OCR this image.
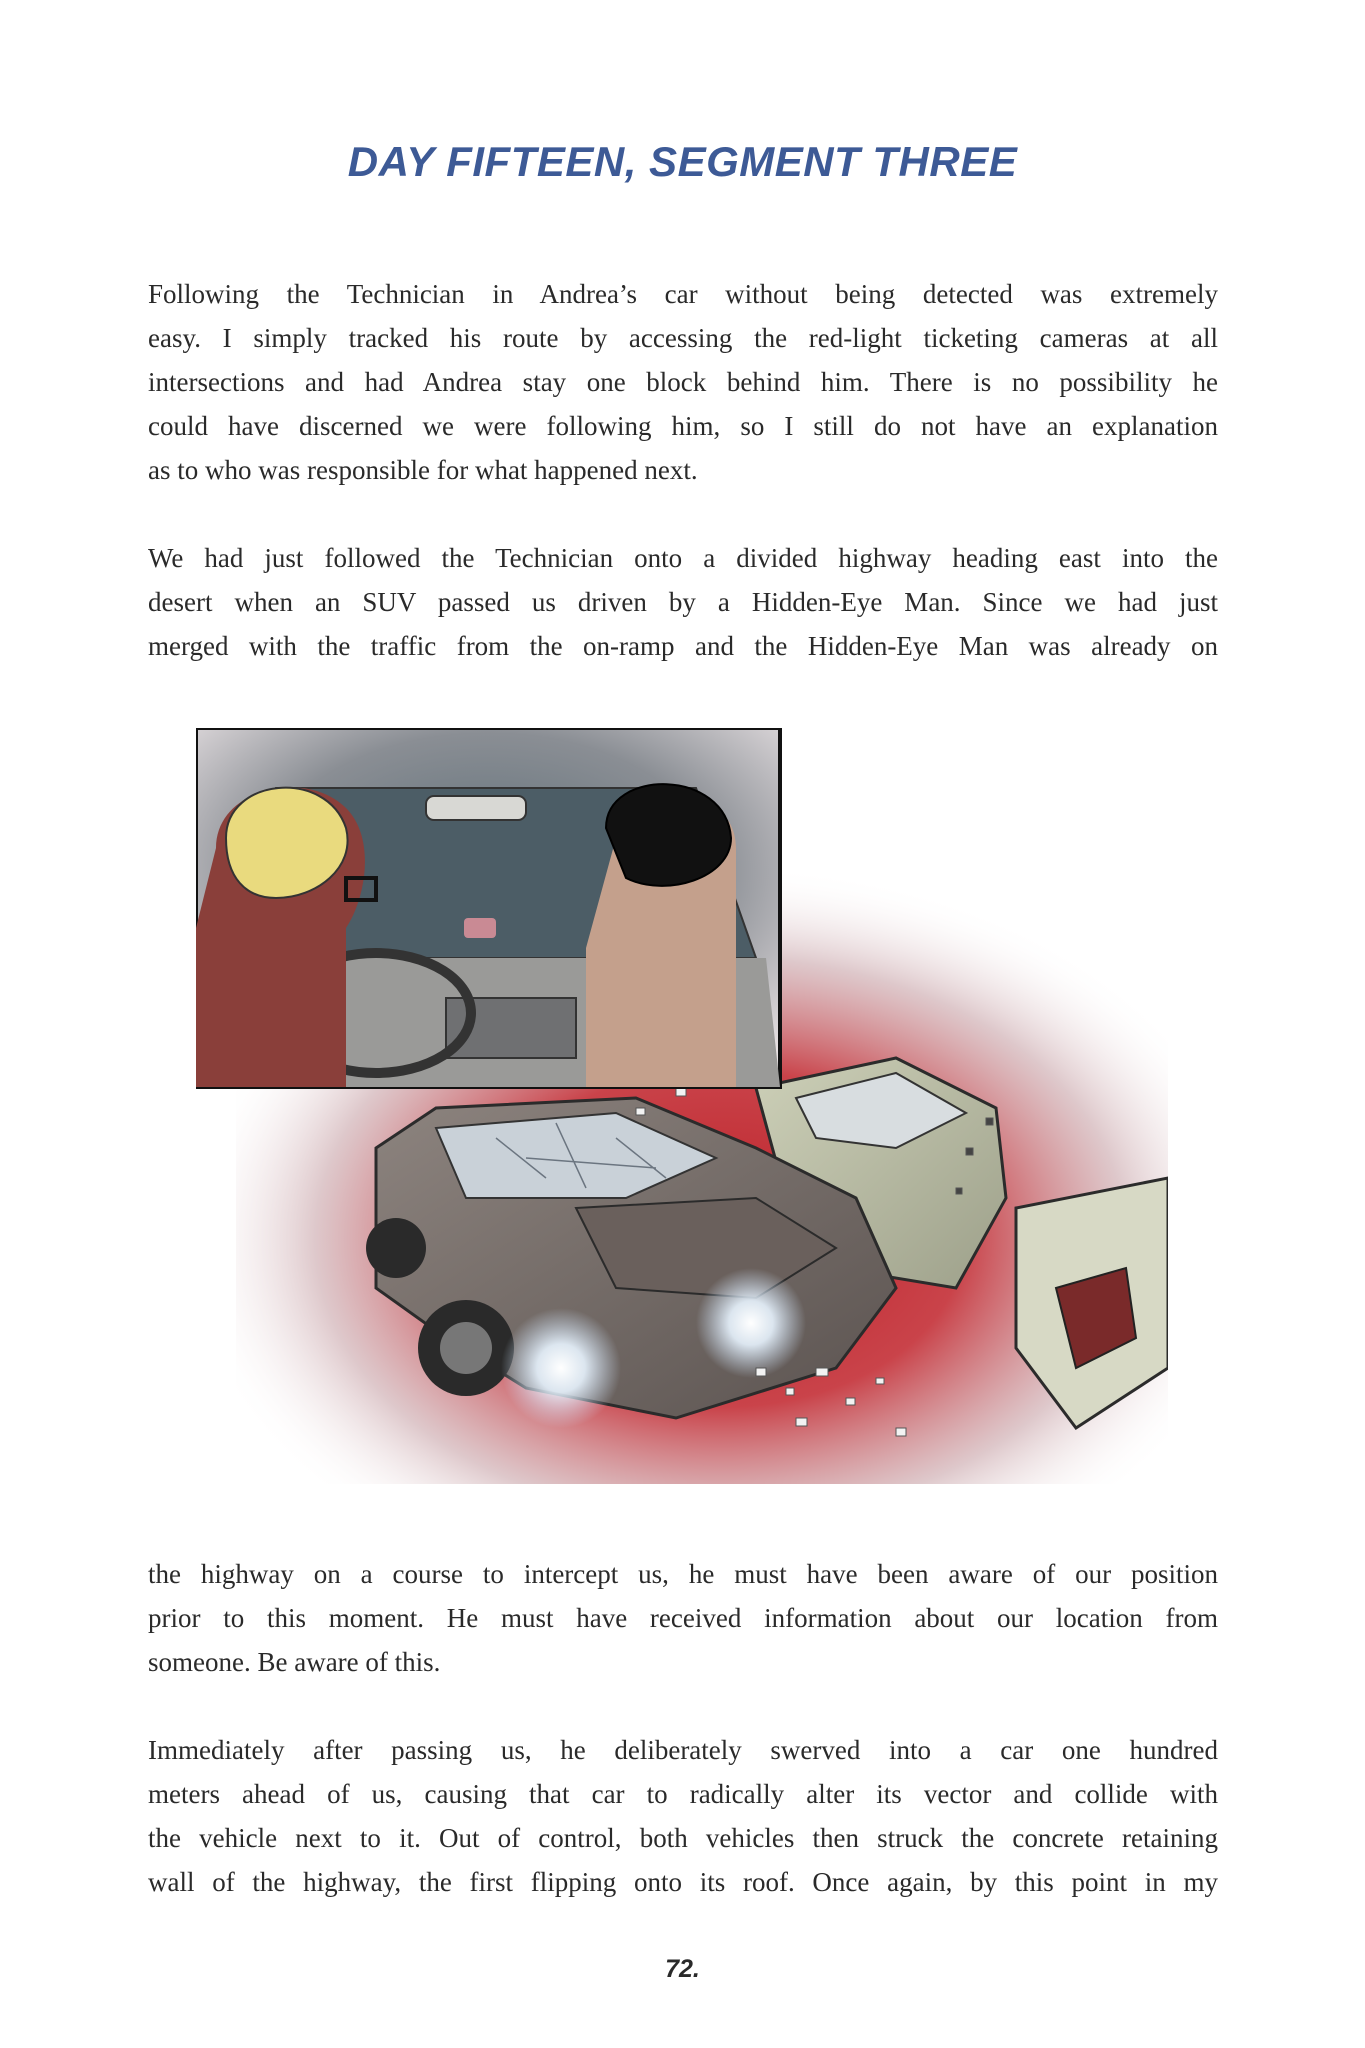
DAY FIFTEEN, SEGMENT THREE

Following the Technician in Andrea’s car without being detected was extremely
easy. I simply tracked his route by accessing the red-light ticketing cameras at all
intersections and had Andrea stay one block behind him. There is no possibility he
could have discerned we were following him, so I still do not have an explanation
as to who was responsible for what happened next.

We had just followed the Technician onto a divided highway heading east into the
desert when an SUV passed us driven by a Hidden-Eye Man. Since we had just
merged with the traffic from the on-ramp and the Hidden-Eye Man was already on

the highway on a course to intercept us, he must have been aware of our position
prior to this moment. He must have received information about our location from
someone. Be aware of this.

Immediately after passing us, he deliberately swerved into a car one hundred
meters ahead of us, causing that car to radically alter its vector and collide with
the vehicle next to it. Out of control, both vehicles then struck the concrete retaining
wall of the highway, the first flipping onto its roof. Once again, by this point in my

72.
